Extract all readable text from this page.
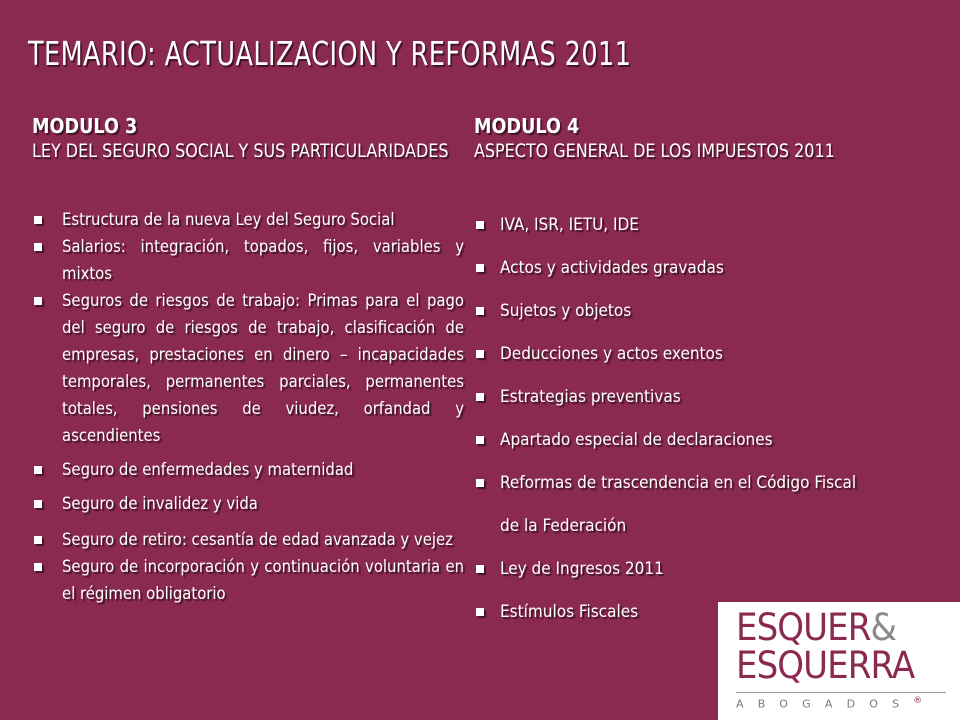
TEMARIO: ACTUALIZACION Y REFORMAS 2011
MODULO 3
LEY DEL SEGURO SOCIAL Y SUS PARTICULARIDADES
MODULO 4
ASPECTO GENERAL DE LOS IMPUESTOS 2011
Estructura de la nueva Ley del Seguro Social
Salarios: integración, topados, fijos, variables y mixtos
Seguros de riesgos de trabajo: Primas para el pago del seguro de riesgos de trabajo, clasificación de empresas, prestaciones en dinero – incapacidades temporales, permanentes parciales, permanentes totales, pensiones de viudez, orfandad y ascendientes
Seguro de enfermedades y maternidad
Seguro de invalidez y vida
Seguro de retiro: cesantía de edad avanzada y vejez
Seguro de incorporación y continuación voluntaria en el régimen obligatorio
IVA, ISR, IETU, IDE
Actos y actividades gravadas
Sujetos y objetos
Deducciones y actos exentos
Estrategias preventivas
Apartado especial de declaraciones
Reformas de trascendencia en el Código Fiscal
de la Federación
Ley de Ingresos 2011
Estímulos Fiscales	ESQUER&
ESQUERRA
ABOGADOS®
